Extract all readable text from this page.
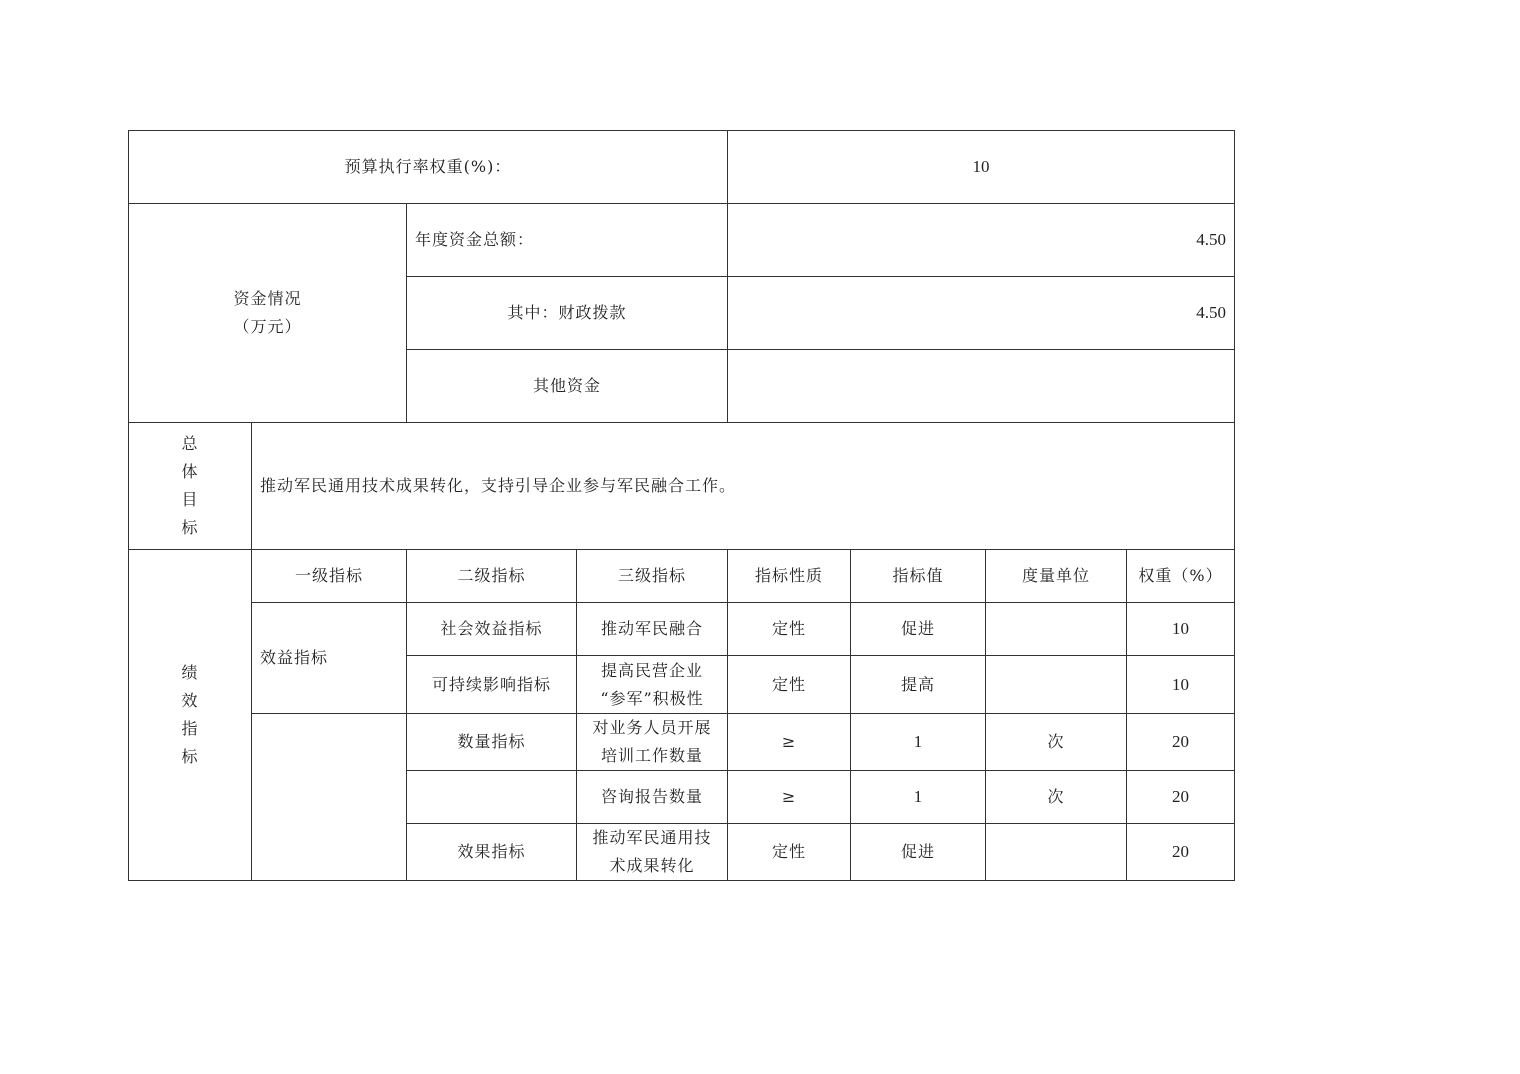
预算执行率权重(%)：				10			

资金情况
（万元）		年度资金总额：		4.50			
		其中：财政拨款		4.50			
		其他资金					

总
体
目
标	推动军民通用技术成果转化，支持引导企业参与军民融合工作。						

绩
效
指
标	一级指标	二级指标	三级指标	指标性质	指标值	度量单位	权重（%）
	效益指标	社会效益指标	推动军民融合	定性	促进		10
		可持续影响指标	提高民营企业
“参军”积极性	定性	提高		10
		数量指标	对业务人员开展
培训工作数量	≥	1	次	20

			咨询报告数量	≥	1	次	20
		效果指标	推动军民通用技
术成果转化	定性	促进		20
